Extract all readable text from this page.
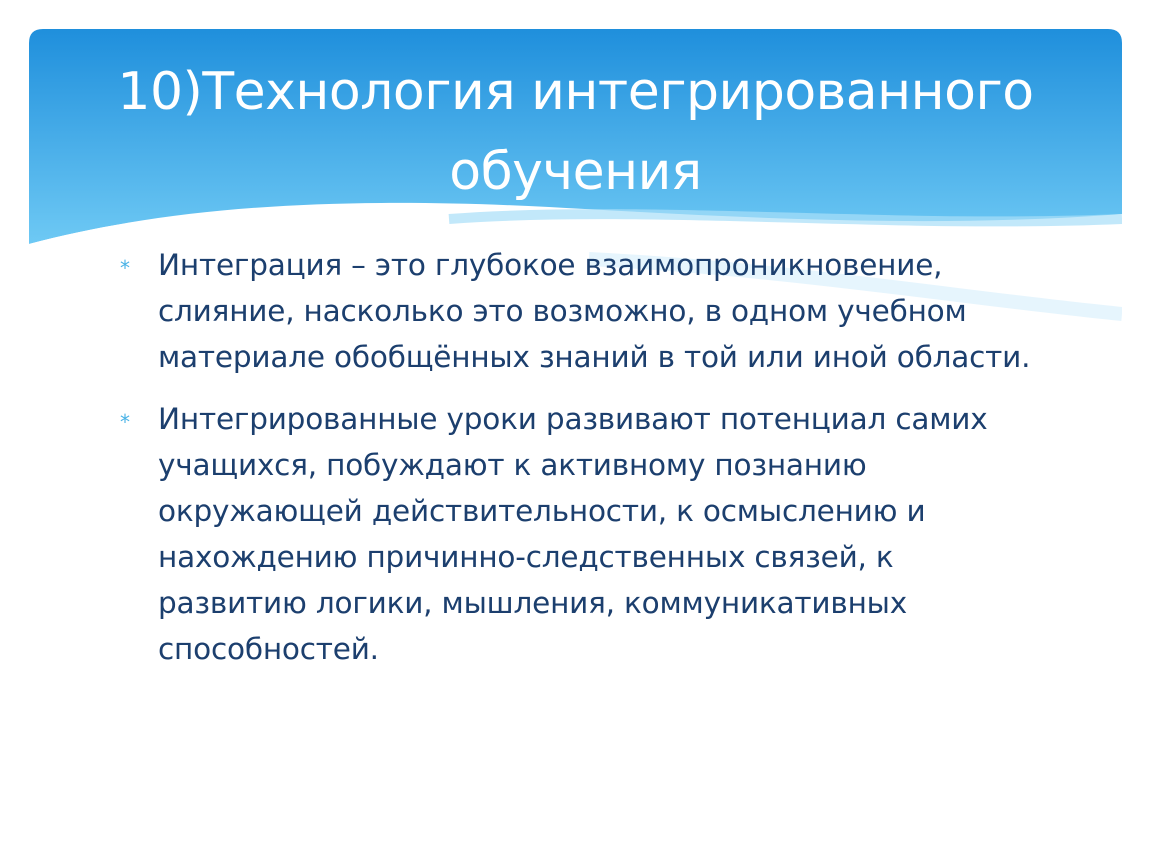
10)Технология интегрированного
обучения
* Интеграция – это глубокое взаимопроникновение, слияние, насколько это возможно, в одном учебном материале обобщённых знаний в той или иной области.
* Интегрированные уроки развивают потенциал самих учащихся, побуждают к активному познанию окружающей действительности, к осмыслению и нахождению причинно-следственных связей, к развитию логики, мышления, коммуникативных способностей.
